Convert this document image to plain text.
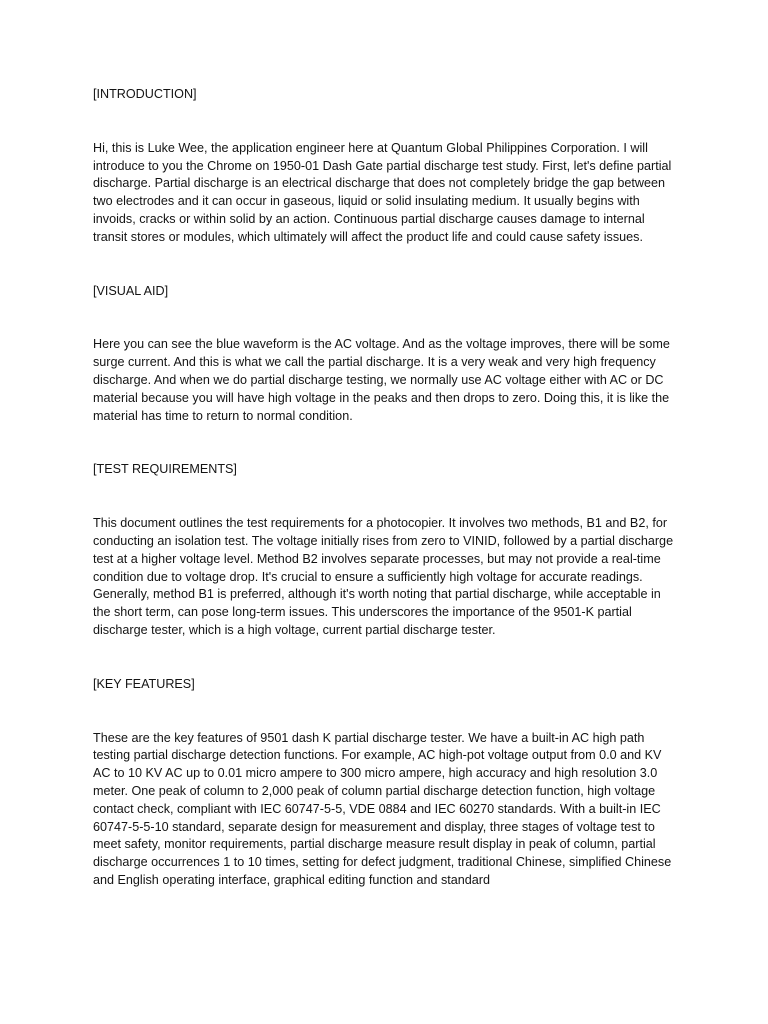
[INTRODUCTION]

Hi, this is Luke Wee, the application engineer here at Quantum Global Philippines Corporation. I will introduce to you the Chrome on 1950-01 Dash Gate partial discharge test study. First, let's define partial discharge. Partial discharge is an electrical discharge that does not completely bridge the gap between two electrodes and it can occur in gaseous, liquid or solid insulating medium. It usually begins with invoids, cracks or within solid by an action. Continuous partial discharge causes damage to internal transit stores or modules, which ultimately will affect the product life and could cause safety issues.

[VISUAL AID]

Here you can see the blue waveform is the AC voltage. And as the voltage improves, there will be some surge current. And this is what we call the partial discharge. It is a very weak and very high frequency discharge. And when we do partial discharge testing, we normally use AC voltage either with AC or DC material because you will have high voltage in the peaks and then drops to zero. Doing this, it is like the material has time to return to normal condition.

[TEST REQUIREMENTS]

This document outlines the test requirements for a photocopier. It involves two methods, B1 and B2, for conducting an isolation test. The voltage initially rises from zero to VINID, followed by a partial discharge test at a higher voltage level. Method B2 involves separate processes, but may not provide a real-time condition due to voltage drop. It's crucial to ensure a sufficiently high voltage for accurate readings. Generally, method B1 is preferred, although it's worth noting that partial discharge, while acceptable in the short term, can pose long-term issues. This underscores the importance of the 9501-K partial discharge tester, which is a high voltage, current partial discharge tester.

[KEY FEATURES]

These are the key features of 9501 dash K partial discharge tester. We have a built-in AC high path testing partial discharge detection functions. For example, AC high-pot voltage output from 0.0 and KV AC to 10 KV AC up to 0.01 micro ampere to 300 micro ampere, high accuracy and high resolution 3.0 meter. One peak of column to 2,000 peak of column partial discharge detection function, high voltage contact check, compliant with IEC 60747-5-5, VDE 0884 and IEC 60270 standards. With a built-in IEC 60747-5-5-10 standard, separate design for measurement and display, three stages of voltage test to meet safety, monitor requirements, partial discharge measure result display in peak of column, partial discharge occurrences 1 to 10 times, setting for defect judgment, traditional Chinese, simplified Chinese and English operating interface, graphical editing function and standard
